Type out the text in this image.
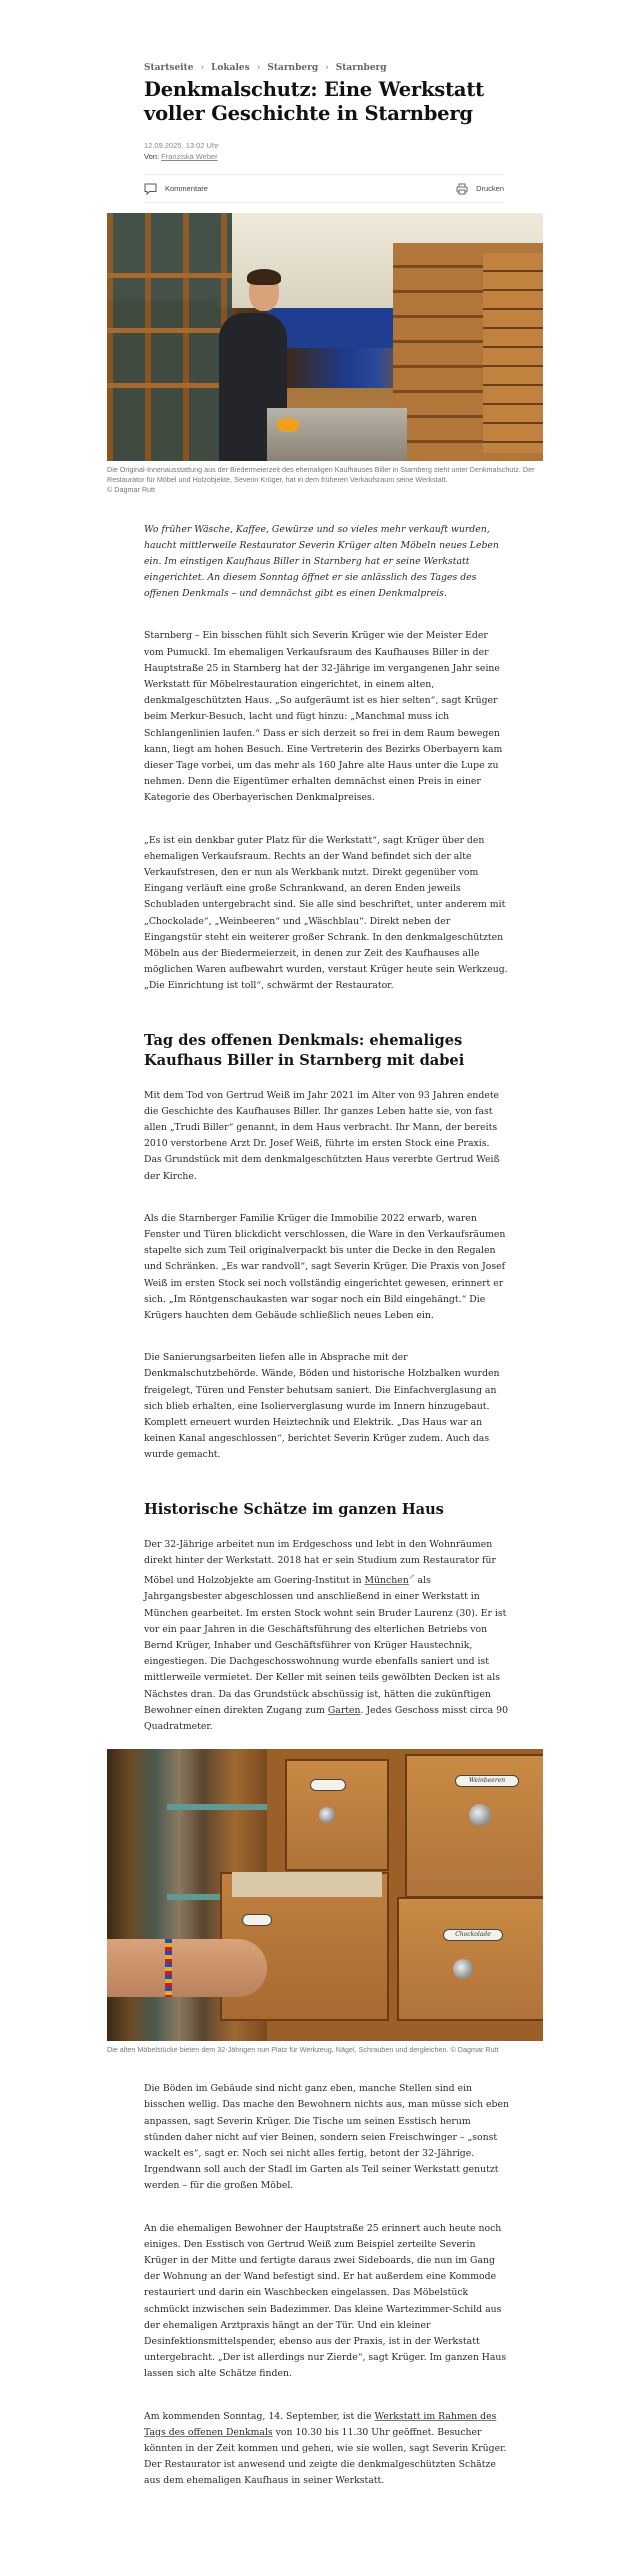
Startseite › Lokales › Starnberg › Starnberg
Denkmalschutz: Eine Werkstatt voller Geschichte in Starnberg
12.09.2025, 13:02 Uhr
Von: Franziska Weber
Kommentare	Drucken
Die Original-Innenausstattung aus der Biedermeierzeit des ehemaligen Kaufhauses Biller in Starnberg steht unter Denkmalschutz. Der Restaurator für Möbel und Holzobjekte, Severin Krüger, hat in dem früheren Verkaufsraum seine Werkstatt.
© Dagmar Rutt

Wo früher Wäsche, Kaffee, Gewürze und so vieles mehr verkauft wurden, haucht mittlerweile Restaurator Severin Krüger alten Möbeln neues Leben ein. Im einstigen Kaufhaus Biller in Starnberg hat er seine Werkstatt eingerichtet. An diesem Sonntag öffnet er sie anlässlich des Tages des offenen Denkmals – und demnächst gibt es einen Denkmalpreis.

Starnberg – Ein bisschen fühlt sich Severin Krüger wie der Meister Eder vom Pumuckl. Im ehemaligen Verkaufsraum des Kaufhauses Biller in der Hauptstraße 25 in Starnberg hat der 32-Jährige im vergangenen Jahr seine Werkstatt für Möbelrestauration eingerichtet, in einem alten, denkmalgeschützten Haus. „So aufgeräumt ist es hier selten“, sagt Krüger beim Merkur-Besuch, lacht und fügt hinzu: „Manchmal muss ich Schlangenlinien laufen.“ Dass er sich derzeit so frei in dem Raum bewegen kann, liegt am hohen Besuch. Eine Vertreterin des Bezirks Oberbayern kam dieser Tage vorbei, um das mehr als 160 Jahre alte Haus unter die Lupe zu nehmen. Denn die Eigentümer erhalten demnächst einen Preis in einer Kategorie des Oberbayerischen Denkmalpreises.

„Es ist ein denkbar guter Platz für die Werkstatt“, sagt Krüger über den ehemaligen Verkaufsraum. Rechts an der Wand befindet sich der alte Verkaufstresen, den er nun als Werkbank nutzt. Direkt gegenüber vom Eingang verläuft eine große Schrankwand, an deren Enden jeweils Schubladen untergebracht sind. Sie alle sind beschriftet, unter anderem mit „Chockolade“, „Weinbeeren“ und „Wäschblau“. Direkt neben der Eingangstür steht ein weiterer großer Schrank. In den denkmalgeschützten Möbeln aus der Biedermeierzeit, in denen zur Zeit des Kaufhauses alle möglichen Waren aufbewahrt wurden, verstaut Krüger heute sein Werkzeug. „Die Einrichtung ist toll“, schwärmt der Restaurator.

Tag des offenen Denkmals: ehemaliges Kaufhaus Biller in Starnberg mit dabei

Mit dem Tod von Gertrud Weiß im Jahr 2021 im Alter von 93 Jahren endete die Geschichte des Kaufhauses Biller. Ihr ganzes Leben hatte sie, von fast allen „Trudi Biller“ genannt, in dem Haus verbracht. Ihr Mann, der bereits 2010 verstorbene Arzt Dr. Josef Weiß, führte im ersten Stock eine Praxis. Das Grundstück mit dem denkmalgeschützten Haus vererbte Gertrud Weiß der Kirche.

Als die Starnberger Familie Krüger die Immobilie 2022 erwarb, waren Fenster und Türen blickdicht verschlossen, die Ware in den Verkaufsräumen stapelte sich zum Teil originalverpackt bis unter die Decke in den Regalen und Schränken. „Es war randvoll“, sagt Severin Krüger. Die Praxis von Josef Weiß im ersten Stock sei noch vollständig eingerichtet gewesen, erinnert er sich. „Im Röntgenschaukasten war sogar noch ein Bild eingehängt.“ Die Krügers hauchten dem Gebäude schließlich neues Leben ein.

Die Sanierungsarbeiten liefen alle in Absprache mit der Denkmalschutzbehörde. Wände, Böden und historische Holzbalken wurden freigelegt, Türen und Fenster behutsam saniert. Die Einfachverglasung an sich blieb erhalten, eine Isolierverglasung wurde im Innern hinzugebaut. Komplett erneuert wurden Heiztechnik und Elektrik. „Das Haus war an keinen Kanal angeschlossen“, berichtet Severin Krüger zudem. Auch das wurde gemacht.

Historische Schätze im ganzen Haus

Der 32-Jährige arbeitet nun im Erdgeschoss und lebt in den Wohnräumen direkt hinter der Werkstatt. 2018 hat er sein Studium zum Restaurator für Möbel und Holzobjekte am Goering-Institut in München↗ als Jahrgangsbester abgeschlossen und anschließend in einer Werkstatt in München gearbeitet. Im ersten Stock wohnt sein Bruder Laurenz (30). Er ist vor ein paar Jahren in die Geschäftsführung des elterlichen Betriebs von Bernd Krüger, Inhaber und Geschäftsführer von Krüger Haustechnik, eingestiegen. Die Dachgeschosswohnung wurde ebenfalls saniert und ist mittlerweile vermietet. Der Keller mit seinen teils gewölbten Decken ist als Nächstes dran. Da das Grundstück abschüssig ist, hätten die zukünftigen Bewohner einen direkten Zugang zum Garten. Jedes Geschoss misst circa 90 Quadratmeter.

Weinbeeren
Chockolade
Die alten Möbelstücke bieten dem 32-Jährigen nun Platz für Werkzeug, Nägel, Schrauben und dergleichen. © Dagmar Rutt

Die Böden im Gebäude sind nicht ganz eben, manche Stellen sind ein bisschen wellig. Das mache den Bewohnern nichts aus, man müsse sich eben anpassen, sagt Severin Krüger. Die Tische um seinen Esstisch herum stünden daher nicht auf vier Beinen, sondern seien Freischwinger – „sonst wackelt es“, sagt er. Noch sei nicht alles fertig, betont der 32-Jährige. Irgendwann soll auch der Stadl im Garten als Teil seiner Werkstatt genutzt werden – für die großen Möbel.

An die ehemaligen Bewohner der Hauptstraße 25 erinnert auch heute noch einiges. Den Esstisch von Gertrud Weiß zum Beispiel zerteilte Severin Krüger in der Mitte und fertigte daraus zwei Sideboards, die nun im Gang der Wohnung an der Wand befestigt sind. Er hat außerdem eine Kommode restauriert und darin ein Waschbecken eingelassen. Das Möbelstück schmückt inzwischen sein Badezimmer. Das kleine Wartezimmer-Schild aus der ehemaligen Arztpraxis hängt an der Tür. Und ein kleiner Desinfektionsmittelspender, ebenso aus der Praxis, ist in der Werkstatt untergebracht. „Der ist allerdings nur Zierde“, sagt Krüger. Im ganzen Haus lassen sich alte Schätze finden.

Am kommenden Sonntag, 14. September, ist die Werkstatt im Rahmen des Tags des offenen Denkmals von 10.30 bis 11.30 Uhr geöffnet. Besucher könnten in der Zeit kommen und gehen, wie sie wollen, sagt Severin Krüger. Der Restaurator ist anwesend und zeigte die denkmalgeschützten Schätze aus dem ehemaligen Kaufhaus in seiner Werkstatt.
